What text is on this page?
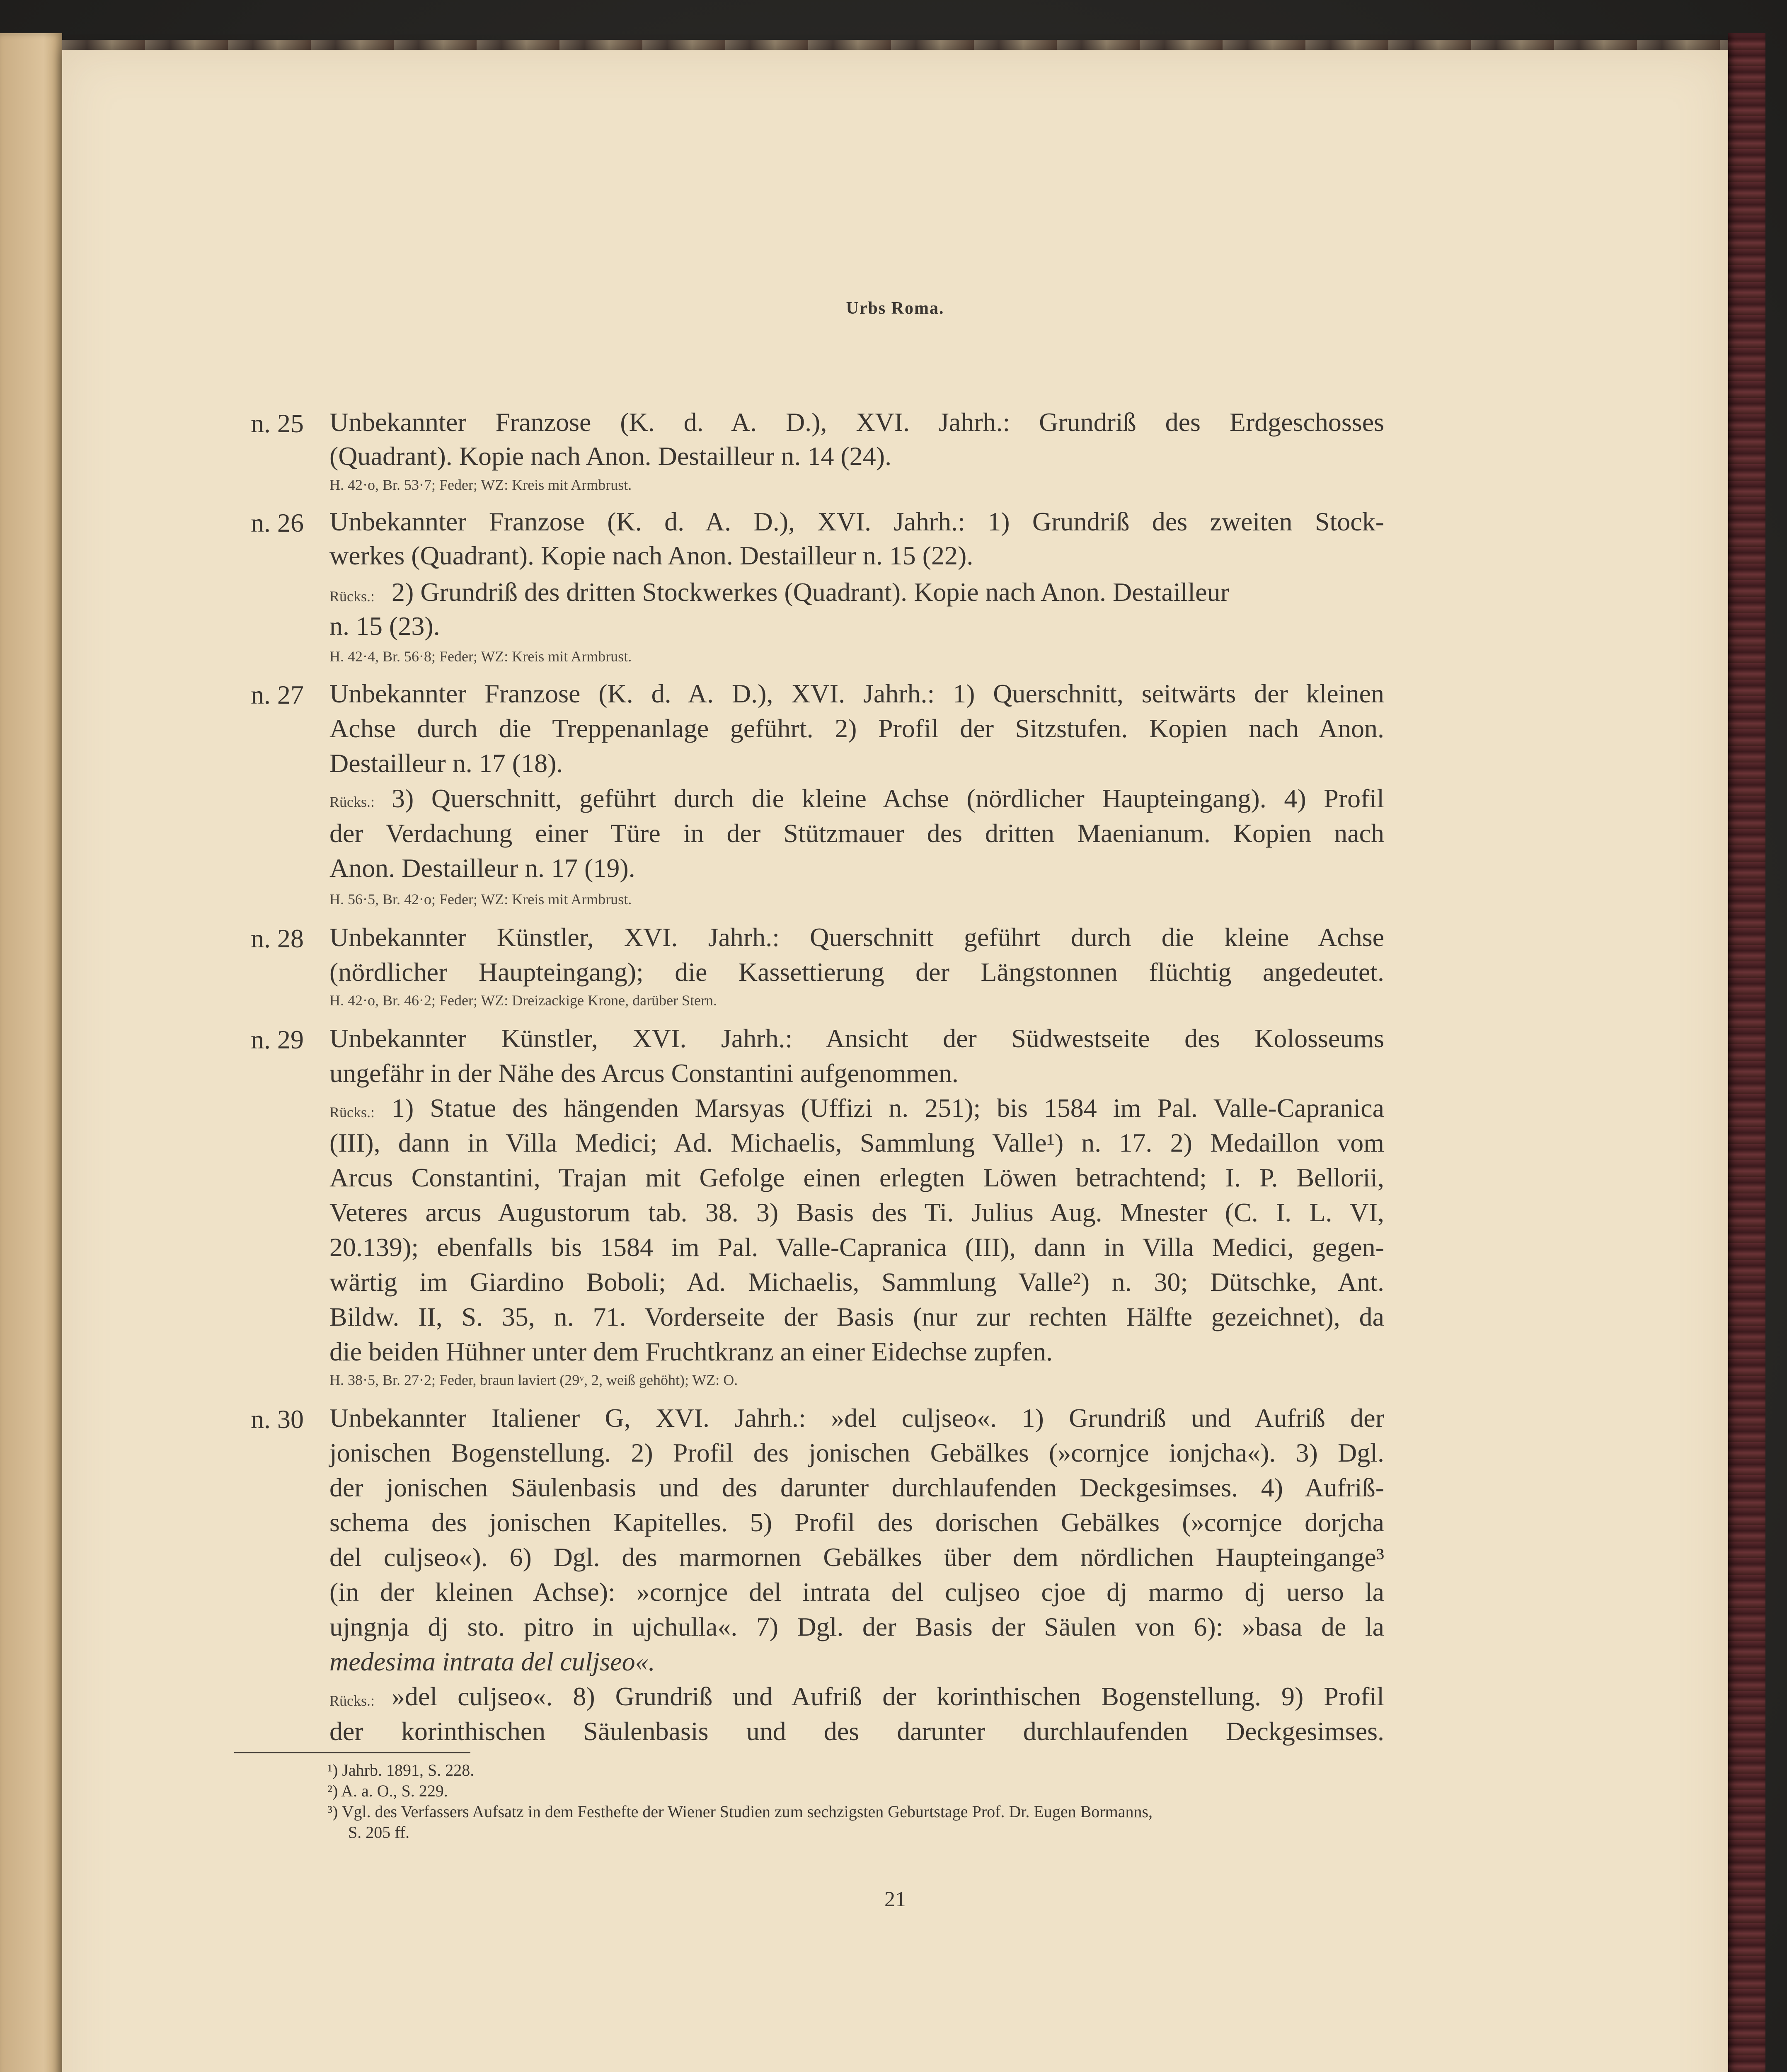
Urbs Roma.
n. 25 Unbekannter Franzose (K. d. A. D.), XVI. Jahrh.: Grundriß des Erdgeschosses
(Quadrant). Kopie nach Anon. Destailleur n. 14 (24).
H. 42·o, Br. 53·7; Feder; WZ: Kreis mit Armbrust.
n. 26 Unbekannter Franzose (K. d. A. D.), XVI. Jahrh.: 1) Grundriß des zweiten Stock-
werkes (Quadrant). Kopie nach Anon. Destailleur n. 15 (22).
Rücks.: 2) Grundriß des dritten Stockwerkes (Quadrant). Kopie nach Anon. Destailleur
n. 15 (23).
H. 42·4, Br. 56·8; Feder; WZ: Kreis mit Armbrust.
n. 27 Unbekannter Franzose (K. d. A. D.), XVI. Jahrh.: 1) Querschnitt, seitwärts der kleinen
Achse durch die Treppenanlage geführt. 2) Profil der Sitzstufen. Kopien nach Anon.
Destailleur n. 17 (18).
Rücks.: 3) Querschnitt, geführt durch die kleine Achse (nördlicher Haupteingang). 4) Profil
der Verdachung einer Türe in der Stützmauer des dritten Maenianum. Kopien nach
Anon. Destailleur n. 17 (19).
H. 56·5, Br. 42·o; Feder; WZ: Kreis mit Armbrust.
n. 28 Unbekannter Künstler, XVI. Jahrh.: Querschnitt geführt durch die kleine Achse
(nördlicher Haupteingang); die Kassettierung der Längstonnen flüchtig angedeutet.
H. 42·o, Br. 46·2; Feder; WZ: Dreizackige Krone, darüber Stern.
n. 29 Unbekannter Künstler, XVI. Jahrh.: Ansicht der Südwestseite des Kolosseums
ungefähr in der Nähe des Arcus Constantini aufgenommen.
Rücks.: 1) Statue des hängenden Marsyas (Uffizi n. 251); bis 1584 im Pal. Valle-Capranica
(III), dann in Villa Medici; Ad. Michaelis, Sammlung Valle¹) n. 17. 2) Medaillon vom
Arcus Constantini, Trajan mit Gefolge einen erlegten Löwen betrachtend; I. P. Bellorii,
Veteres arcus Augustorum tab. 38. 3) Basis des Ti. Julius Aug. Mnester (C. I. L. VI,
20.139); ebenfalls bis 1584 im Pal. Valle-Capranica (III), dann in Villa Medici, gegen-
wärtig im Giardino Boboli; Ad. Michaelis, Sammlung Valle²) n. 30; Dütschke, Ant.
Bildw. II, S. 35, n. 71. Vorderseite der Basis (nur zur rechten Hälfte gezeichnet), da
die beiden Hühner unter dem Fruchtkranz an einer Eidechse zupfen.
H. 38·5, Br. 27·2; Feder, braun laviert (29ᵛ, 2, weiß gehöht); WZ: O.
n. 30 Unbekannter Italiener G, XVI. Jahrh.: »del culjseo«. 1) Grundriß und Aufriß der
jonischen Bogenstellung. 2) Profil des jonischen Gebälkes (»cornjce ionjcha«). 3) Dgl.
der jonischen Säulenbasis und des darunter durchlaufenden Deckgesimses. 4) Aufriß-
schema des jonischen Kapitelles. 5) Profil des dorischen Gebälkes (»cornjce dorjcha
del culjseo«). 6) Dgl. des marmornen Gebälkes über dem nördlichen Haupteingange³
(in der kleinen Achse): »cornjce del intrata del culjseo cjoe dj marmo dj uerso la
ujngnja dj sto. pitro in ujchulla«. 7) Dgl. der Basis der Säulen von 6): »basa de la
medesima intrata del culjseo«.
Rücks.: »del culjseo«. 8) Grundriß und Aufriß der korinthischen Bogenstellung. 9) Profil
der korinthischen Säulenbasis und des darunter durchlaufenden Deckgesimses.
¹) Jahrb. 1891, S. 228.
²) A. a. O., S. 229.
³) Vgl. des Verfassers Aufsatz in dem Festhefte der Wiener Studien zum sechzigsten Geburtstage Prof. Dr. Eugen Bormanns,
S. 205 ff.
21
